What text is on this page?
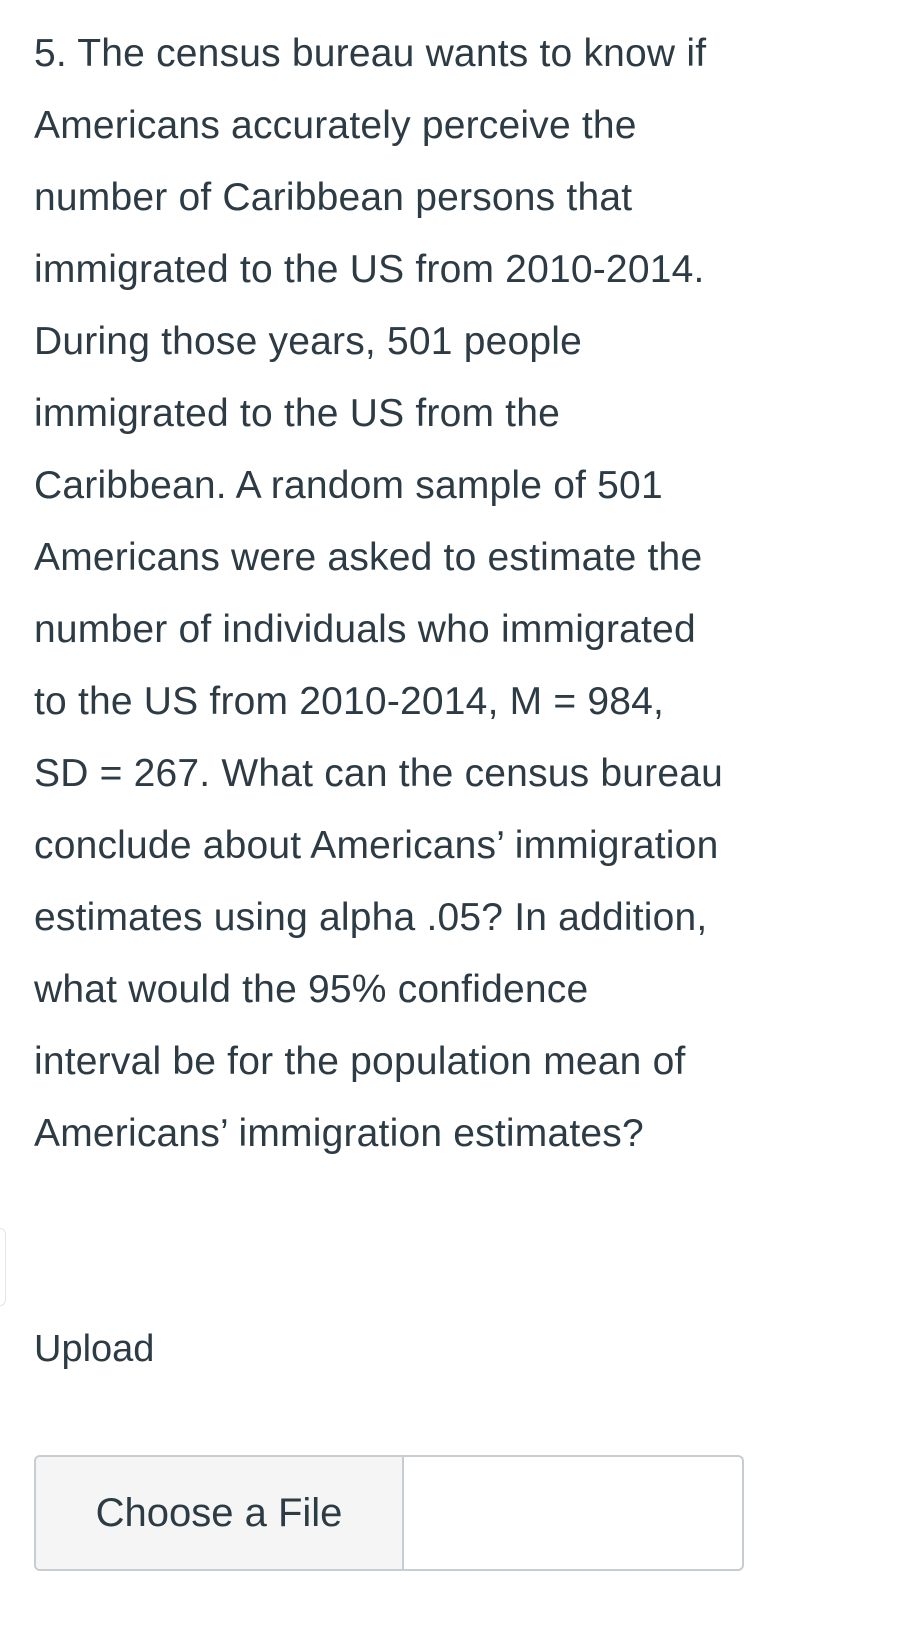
5. The census bureau wants to know if
Americans accurately perceive the
number of Caribbean persons that
immigrated to the US from 2010-2014.
During those years, 501 people
immigrated to the US from the
Caribbean. A random sample of 501
Americans were asked to estimate the
number of individuals who immigrated
to the US from 2010-2014, M = 984,
SD = 267. What can the census bureau
conclude about Americans’ immigration
estimates using alpha .05? In addition,
what would the 95% confidence
interval be for the population mean of
Americans’ immigration estimates?
Upload
Choose a File
